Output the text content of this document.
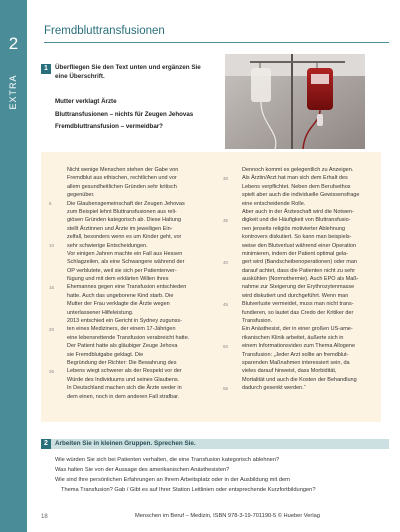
2
EXTRA
Fremdbluttransfusionen
1	Überfliegen Sie den Text unten und ergänzen Sie eine Überschrift.
Mutter verklagt Ärzte
Bluttransfusionen – nichts für Zeugen Jehovas
Fremdbluttransfusion – vermeidbar?
Nicht wenige Menschen stehen der Gabe von
Fremdblut aus ethischen, rechtlichen und vor
allem gesundheitlichen Gründen sehr kritisch
gegenüber.
Die Glaubensgemeinschaft der Zeugen Jehovas
zum Beispiel lehnt Bluttransfusionen aus reli-
giösen Gründen kategorisch ab. Diese Haltung
stellt Ärztinnen und Ärzte im jeweiligen Ein-
zelfall, besonders wenn es um Kinder geht, vor
sehr schwierige Entscheidungen.
Vor einigen Jahren machte ein Fall aus Hessen
Schlagzeilen, als eine Schwangere während der
OP verblutete, weil sie sich per Patientenver-
fügung und mit dem erklärten Willen ihres
Ehemannes gegen eine Transfusion entschieden
hatte. Auch das ungeborene Kind starb. Die
Mutter der Frau verklagte die Ärzte wegen
unterlassener Hilfeleistung.
2013 entschied ein Gericht in Sydney zugunss-
ten eines Mediziners, der einem 17-Jährigen
eine lebensrettende Transfusion verabreicht hatte.
Der Patient hatte als gläubiger Zeuge Jehova
sie Fremdblutgabe geklagt. Die
Begründung der Richter: Die Bewahrung des
Lebens wiegt schwerer als der Respekt vor der
Würde des Individuums und seines Glaubens.
In Deutschland machen sich die Ärzte weder in
dem einen, noch in dem anderen Fall strafbar.
Dennoch kommt es gelegentlich zu Anzeigen.
Als Ärztin/Arzt hat man sich dem Erhalt des
Lebens verpflichtet. Neben dem Berufsethos
spielt aber auch die individuelle Gewissensfrage
eine entscheidende Rolle.
Aber auch in der Ärzteschaft wird die Notwen-
digkeit und die Häufigkeit von Bluttransfusio-
nen jenseits religiös motivierter Ablehnung
kontrovers diskutiert. So kann man beispiels-
weise den Blutverlust während einer Operation
minimieren, indem der Patient optimal gela-
gert wird (Bandscheibenoperationen) oder man
darauf achtet, dass die Patienten nicht zu sehr
auskühlen (Normothermie). Auch EPO als Maß-
nahme zur Steigerung der Erythrozytenmasse
wird diskutiert und durchgeführt. Wenn man
Blutverluste vermeidet, muss man nicht trans-
fundieren, so lautet das Credo der Kritiker der
Transfusion.
Ein Anästhesist, der in einer großen US-ame-
rikanischen Klinik arbeitet, äußerte sich in
einem Informationsvideo zum Thema Allogene
Transfusion: „Jeder Arzt sollte an fremdblut-
sparenden Maßnahmen interessiert sein, da
vieles darauf hinweist, dass Morbidität,
Mortalität und auch die Kosten der Behandlung
dadurch gesenkt werden.“
5
10
15
20
25
30
35
40
45
50
55
2	Arbeiten Sie in kleinen Gruppen. Sprechen Sie.
Wie würden Sie sich bei Patienten verhalten, die eine Transfusion kategorisch ablehnen?
Was halten Sie von der Aussage des amerikanischen Anästhesisten?
Wie sind Ihre persönlichen Erfahrungen an Ihrem Arbeitsplatz oder in der Ausbildung mit dem
Thema Transfusion? Gab / Gibt es auf Ihrer Station Leitlinien oder entsprechende Kurzfortbildungen?
18	Menschen im Beruf – Medizin, ISBN 978-3-19-701190-5 © Hueber Verlag
